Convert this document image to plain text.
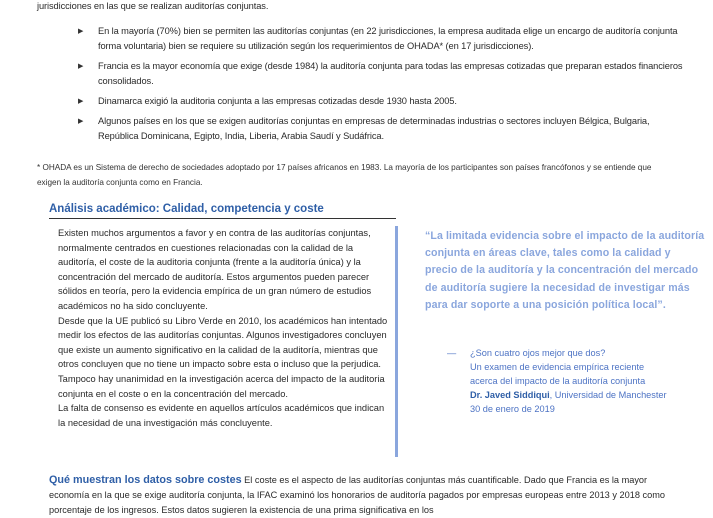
jurisdicciones en las que se realizan auditorías conjuntas.
▶ En la mayoría (70%) bien se permiten las auditorías conjuntas (en 22 jurisdicciones, la empresa auditada elige un encargo de auditoría conjunta forma voluntaria) bien se requiere su utilización según los requerimientos de OHADA* (en 17 jurisdicciones).
▶ Francia es la mayor economía que exige (desde 1984) la auditoría conjunta para todas las empresas cotizadas que preparan estados financieros consolidados.
▶ Dinamarca exigió la auditoria conjunta a las empresas cotizadas desde 1930 hasta 2005.
▶ Algunos países en los que se exigen auditorías conjuntas en empresas de determinadas industrias o sectores incluyen Bélgica, Bulgaria, República Dominicana, Egipto, India, Liberia, Arabia Saudí y Sudáfrica.
* OHADA es un Sistema de derecho de sociedades adoptado por 17 países africanos en 1983. La mayoría de los participantes son países francófonos y se entiende que exigen la auditoría conjunta como en Francia.
Análisis académico: Calidad, competencia y coste

Existen muchos argumentos a favor y en contra de las auditorías conjuntas, normalmente centrados en cuestiones relacionadas con la calidad de la auditoría, el coste de la auditoria conjunta (frente a la auditoría única) y la concentración del mercado de auditoría. Estos argumentos pueden parecer sólidos en teoría, pero la evidencia empírica de un gran número de estudios académicos no ha sido concluyente.

Desde que la UE publicó su Libro Verde en 2010, los académicos han intentado medir los efectos de las auditorías conjuntas. Algunos investigadores concluyen que existe un aumento significativo en la calidad de la auditoría, mientras que otros concluyen que no tiene un impacto sobre esta o incluso que la perjudica. Tampoco hay unanimidad en la investigación acerca del impacto de la auditoria conjunta en el coste o en la concentración del mercado.

La falta de consenso es evidente en aquellos artículos académicos que indican la necesidad de una investigación más concluyente.

“La limitada evidencia sobre el impacto de la auditoría conjunta en áreas clave, tales como la calidad y precio de la auditoría y la concentración del mercado de auditoría sugiere la necesidad de investigar más para dar soporte a una posición política local”.
— ¿Son cuatro ojos mejor que dos?
Un examen de evidencia empírica reciente
acerca del impacto de la auditoría conjunta
Dr. Javed Siddiqui, Universidad de Manchester
30 de enero de 2019
Qué muestran los datos sobre costes El coste es el aspecto de las auditorías conjuntas más cuantificable. Dado que Francia es la mayor economía en la que se exige auditoría conjunta, la IFAC examinó los honorarios de auditoría pagados por empresas europeas entre 2013 y 2018 como porcentaje de los ingresos. Estos datos sugieren la existencia de una prima significativa en los
